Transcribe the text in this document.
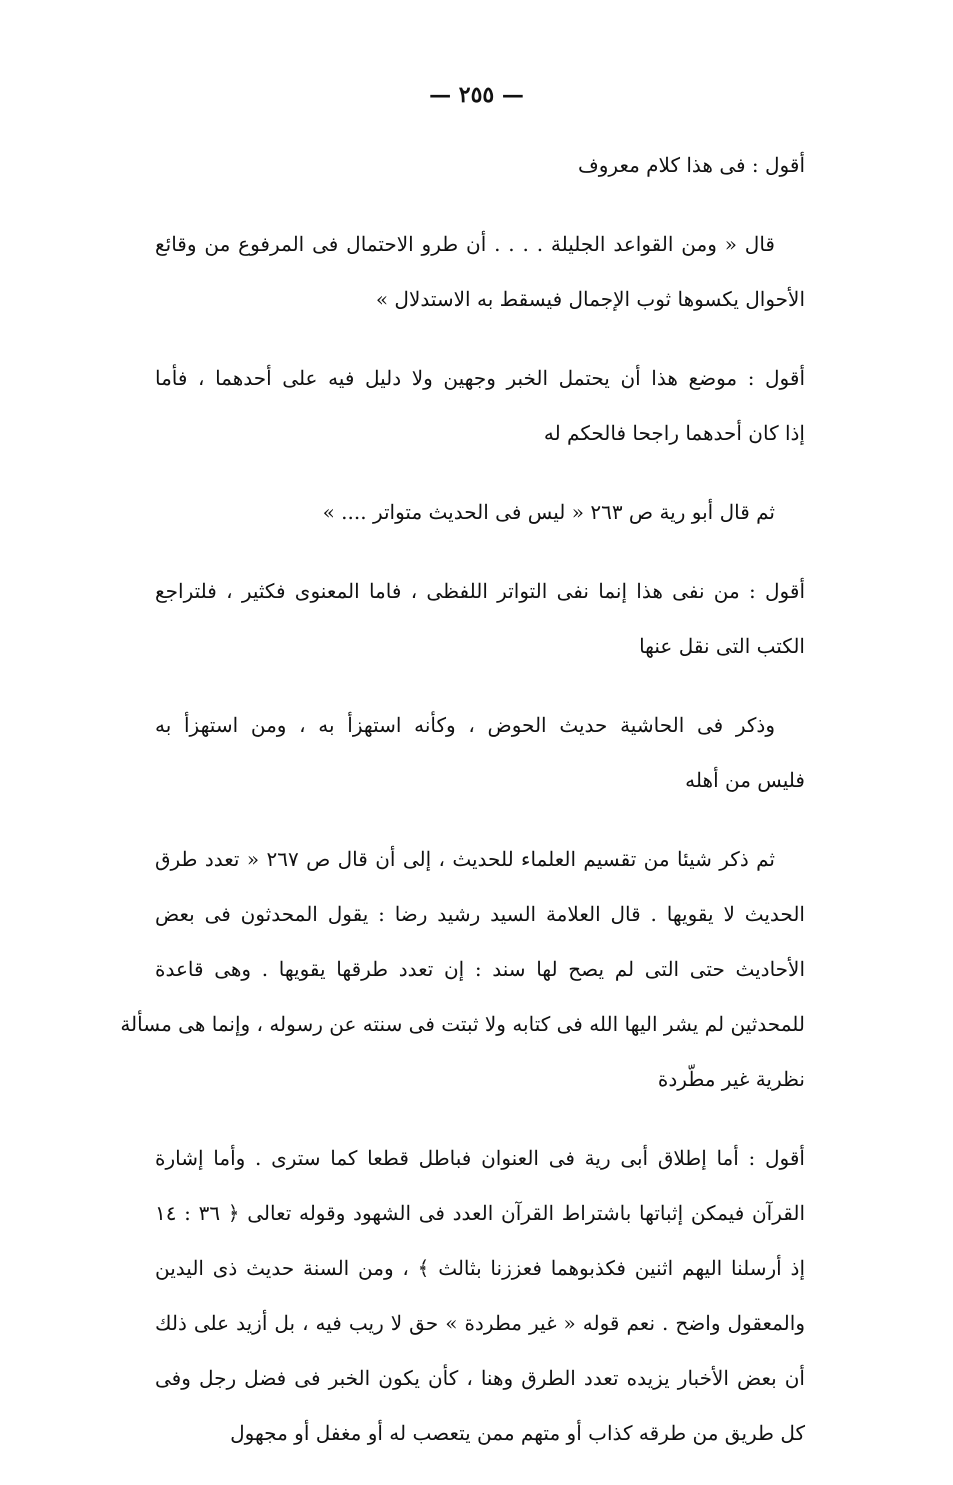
— ٢٥٥ —
أقول : فى هذا كلام معروف
قال « ومن القواعد الجليلة . . . . أن طرو الاحتمال فى المرفوع من وقائع
الأحوال يكسوها ثوب الإجمال فيسقط به الاستدلال »
أقول : موضع هذا أن يحتمل الخبر وجهين ولا دليل فيه على أحدهما ، فأما
إذا كان أحدهما راجحا فالحكم له
ثم قال أبو رية ص ٢٦٣ « ليس فى الحديث متواتر .... »
أقول : من نفى هذا إنما نفى التواتر اللفظى ، فاما المعنوى فكثير ، فلتراجع
الكتب التى نقل عنها
وذكر فى الحاشية حديث الحوض ، وكأنه استهزأ به ، ومن استهزأ به
فليس من أهله
ثم ذكر شيئا من تقسيم العلماء للحديث ، إلى أن قال ص ٢٦٧ « تعدد طرق
الحديث لا يقويها . قال العلامة السيد رشيد رضا : يقول المحدثون فى بعض
الأحاديث حتى التى لم يصح لها سند : إن تعدد طرقها يقويها . وهى قاعدة
للمحدثين لم يشر اليها الله فى كتابه ولا ثبتت فى سنته عن رسوله ، وإنما هى مسألة
نظرية غير مطّردة
أقول : أما إطلاق أبى رية فى العنوان فباطل قطعا كما سترى . وأما إشارة
القرآن فيمكن إثباتها باشتراط القرآن العدد فى الشهود وقوله تعالى ﴿ ٣٦ : ١٤
إذ أرسلنا اليهم اثنين فكذبوهما فعززنا بثالث ﴾ ، ومن السنة حديث ذى اليدين
والمعقول واضح . نعم قوله « غير مطردة » حق لا ريب فيه ، بل أزيد على ذلك
أن بعض الأخبار يزيده تعدد الطرق وهنا ، كأن يكون الخبر فى فضل رجل وفى
كل طريق من طرقه كذاب أو متهم ممن يتعصب له أو مغفل أو مجهول
